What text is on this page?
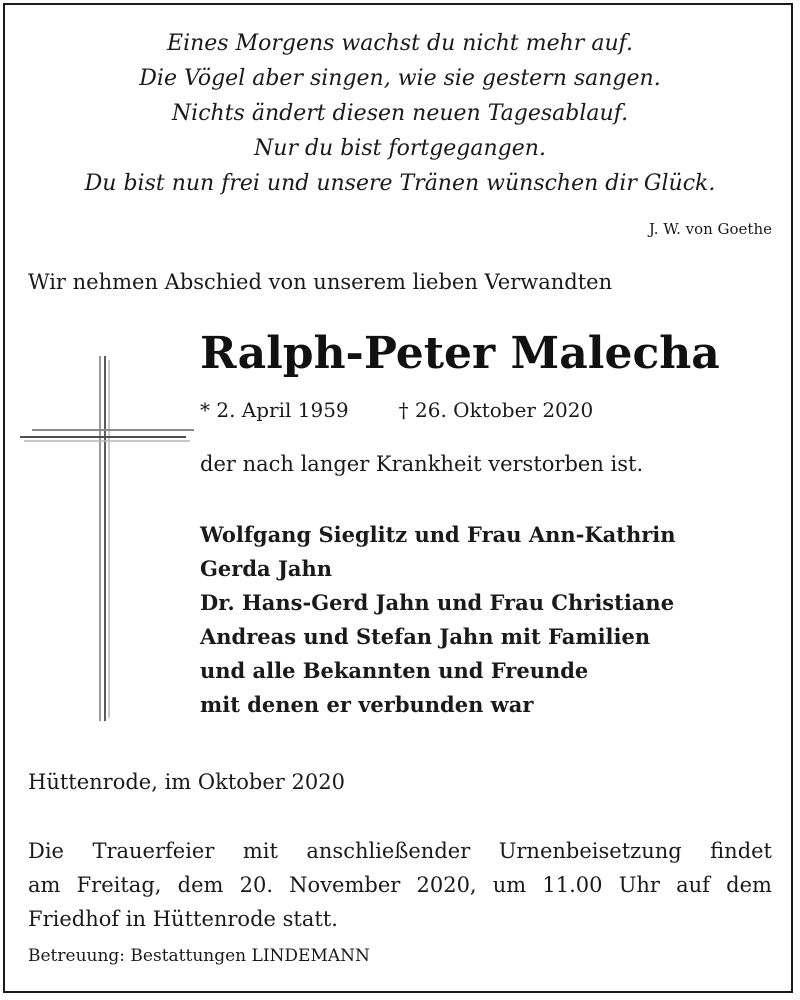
Eines Morgens wachst du nicht mehr auf.
Die Vögel aber singen, wie sie gestern sangen.
Nichts ändert diesen neuen Tagesablauf.
Nur du bist fortgegangen.
Du bist nun frei und unsere Tränen wünschen dir Glück.
J. W. von Goethe
Wir nehmen Abschied von unserem lieben Verwandten
Ralph-Peter Malecha
* 2. April 1959	† 26. Oktober 2020
der nach langer Krankheit verstorben ist.
Wolfgang Sieglitz und Frau Ann-Kathrin
Gerda Jahn
Dr. Hans-Gerd Jahn und Frau Christiane
Andreas und Stefan Jahn mit Familien
und alle Bekannten und Freunde
mit denen er verbunden war
Hüttenrode, im Oktober 2020
Die Trauerfeier mit anschließender Urnenbeisetzung findet
am Freitag, dem 20. November 2020, um 11.00 Uhr auf dem
Friedhof in Hüttenrode statt.
Betreuung: Bestattungen LINDEMANN
